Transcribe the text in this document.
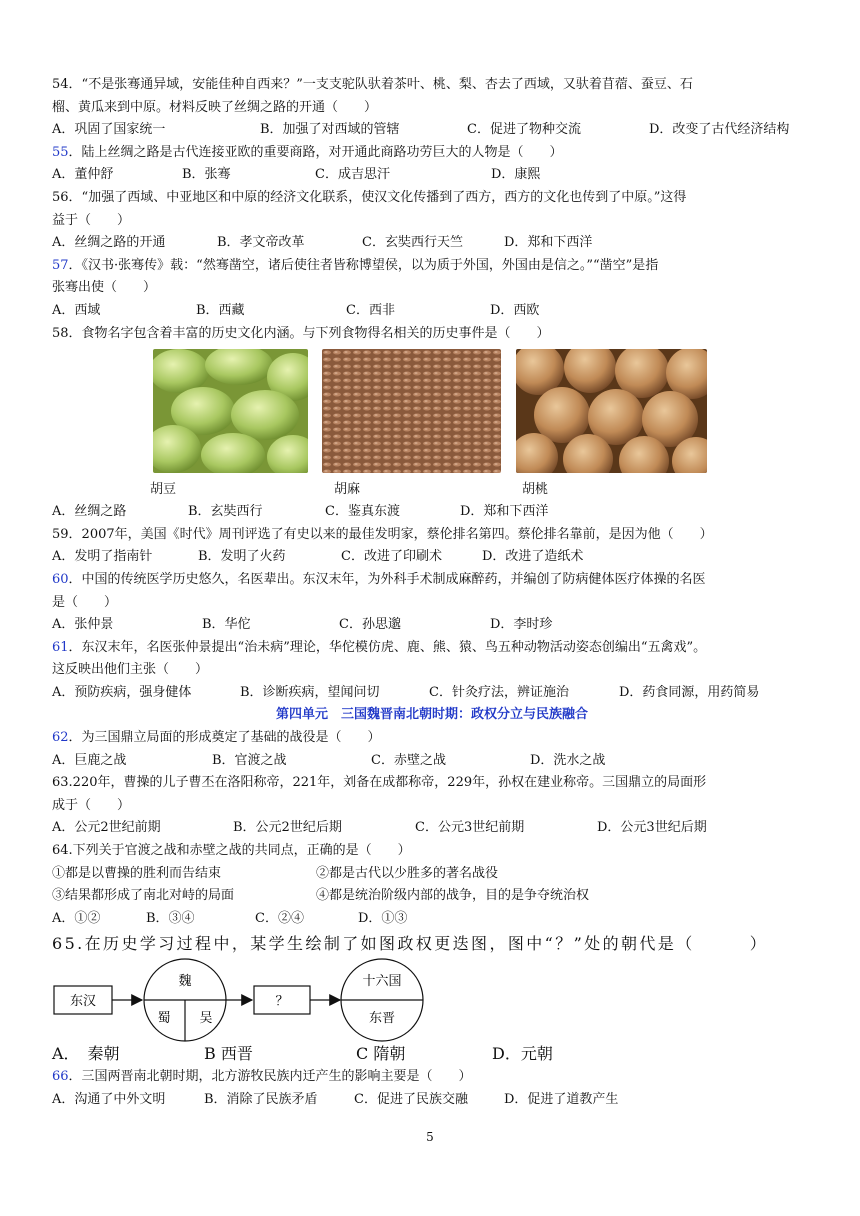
54．“不是张骞通异域，安能佳种自西来？”一支支驼队驮着茶叶、桃、梨、杏去了西域，又驮着苜蓿、蚕豆、石
榴、黄瓜来到中原。材料反映了丝绸之路的开通（　　）
A．巩固了国家统一	B．加强了对西域的管辖	C．促进了物种交流	D．改变了古代经济结构
55．陆上丝绸之路是古代连接亚欧的重要商路，对开通此商路功劳巨大的人物是（　　）
A．董仲舒	B．张骞	C．成吉思汗	D．康熙
56．“加强了西域、中亚地区和中原的经济文化联系，使汉文化传播到了西方，西方的文化也传到了中原。”这得
益于（　　）
A．丝绸之路的开通	B．孝文帝改革	C．玄奘西行天竺	D．郑和下西洋
57．《汉书·张骞传》载：“然骞凿空，诸后使往者皆称博望侯，以为质于外国，外国由是信之。”“凿空”是指
张骞出使（　　）
A．西域	B．西藏	C．西非	D．西欧
58．食物名字包含着丰富的历史文化内涵。与下列食物得名相关的历史事件是（　　）
胡豆	胡麻	胡桃
A．丝绸之路	B．玄奘西行	C．鉴真东渡	D．郑和下西洋
59．2007年，美国《时代》周刊评选了有史以来的最佳发明家，蔡伦排名第四。蔡伦排名靠前，是因为他（　　）
A．发明了指南针	B．发明了火药	C．改进了印刷术	D．改进了造纸术
60．中国的传统医学历史悠久，名医辈出。东汉末年，为外科手术制成麻醉药，并编创了防病健体医疗体操的名医
是（　　）
A．张仲景	B．华佗	C．孙思邈	D．李时珍
61．东汉末年，名医张仲景提出“治未病”理论，华佗模仿虎、鹿、熊、猿、鸟五种动物活动姿态创编出“五禽戏”。
这反映出他们主张（　　）
A．预防疾病，强身健体	B．诊断疾病，望闻问切	C．针灸疗法，辨证施治	D．药食同源，用药简易
第四单元　三国魏晋南北朝时期：政权分立与民族融合
62．为三国鼎立局面的形成奠定了基础的战役是（　　）
A．巨鹿之战	B．官渡之战	C．赤壁之战	D．洗水之战
63.220年，曹操的儿子曹丕在洛阳称帝，221年，刘备在成都称帝，229年，孙权在建业称帝。三国鼎立的局面形
成于（　　）
A．公元2世纪前期	B．公元2世纪后期	C．公元3世纪前期	D．公元3世纪后期
64.下列关于官渡之战和赤壁之战的共同点，正确的是（　　）
①都是以曹操的胜利而告结束	②都是古代以少胜多的著名战役
③结果都形成了南北对峙的局面	④都是统治阶级内部的战争，目的是争夺统治权
A．①②	B．③④	C．②④	D．①③
65.在历史学习过程中，某学生绘制了如图政权更迭图，图中“？”处的朝代是（　　　）
东汉
魏
蜀 吴
？
十六国
东晋
A．　秦朝	B 西晋	C 隋朝	D．元朝
66．三国两晋南北朝时期，北方游牧民族内迁产生的影响主要是（　　）
A．沟通了中外文明	B．消除了民族矛盾	C．促进了民族交融	D．促进了道教产生
5
